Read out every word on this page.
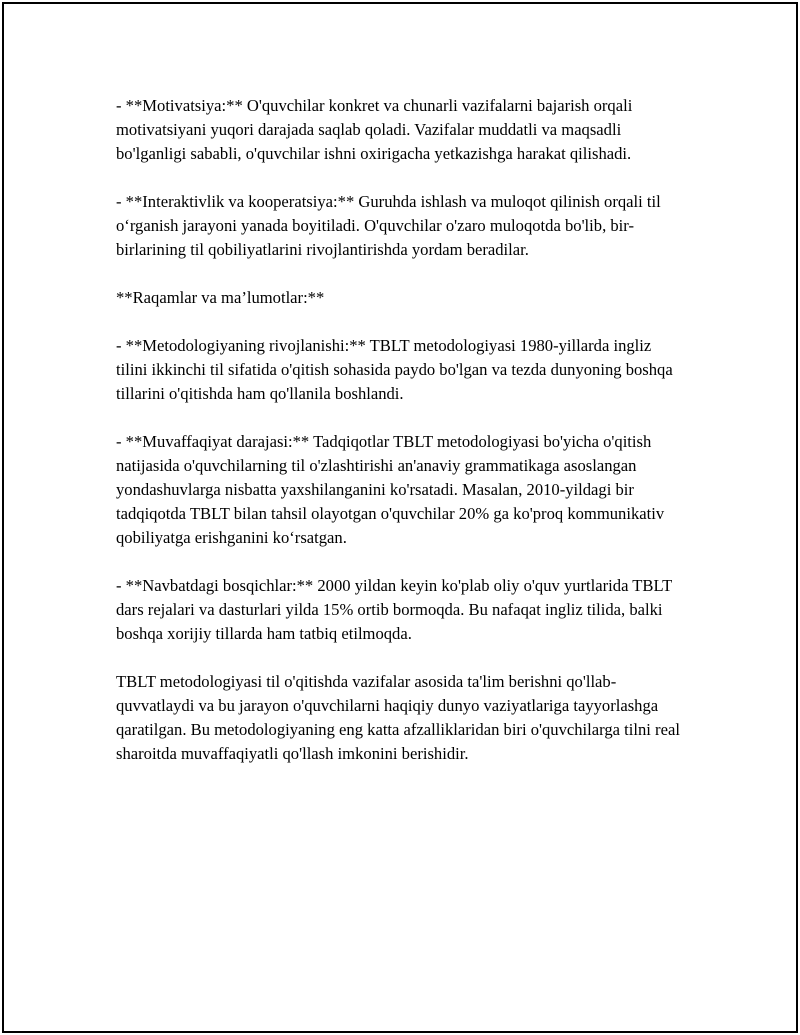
- **Motivatsiya:** O'quvchilar konkret va chunarli vazifalarni bajarish orqali motivatsiyani yuqori darajada saqlab qoladi. Vazifalar muddatli va maqsadli bo'lganligi sababli, o'quvchilar ishni oxirigacha yetkazishga harakat qilishadi.

- **Interaktivlik va kooperatsiya:** Guruhda ishlash va muloqot qilinish orqali til o‘rganish jarayoni yanada boyitiladi. O'quvchilar o'zaro muloqotda bo'lib, bir-birlarining til qobiliyatlarini rivojlantirishda yordam beradilar.

**Raqamlar va ma’lumotlar:**

- **Metodologiyaning rivojlanishi:** TBLT metodologiyasi 1980-yillarda ingliz tilini ikkinchi til sifatida o'qitish sohasida paydo bo'lgan va tezda dunyoning boshqa tillarini o'qitishda ham qo'llanila boshlandi.

- **Muvaffaqiyat darajasi:** Tadqiqotlar TBLT metodologiyasi bo'yicha o'qitish natijasida o'quvchilarning til o'zlashtirishi an'anaviy grammatikaga asoslangan yondashuvlarga nisbatta yaxshilanganini ko'rsatadi. Masalan, 2010-yildagi bir tadqiqotda TBLT bilan tahsil olayotgan o'quvchilar 20% ga ko'proq kommunikativ qobiliyatga erishganini ko‘rsatgan.

- **Navbatdagi bosqichlar:** 2000 yildan keyin ko'plab oliy o'quv yurtlarida TBLT dars rejalari va dasturlari yilda 15% ortib bormoqda. Bu nafaqat ingliz tilida, balki boshqa xorijiy tillarda ham tatbiq etilmoqda.

TBLT metodologiyasi til o'qitishda vazifalar asosida ta'lim berishni qo'llab-quvvatlaydi va bu jarayon o'quvchilarni haqiqiy dunyo vaziyatlariga tayyorlashga qaratilgan. Bu metodologiyaning eng katta afzalliklaridan biri o'quvchilarga tilni real sharoitda muvaffaqiyatli qo'llash imkonini berishidir.
